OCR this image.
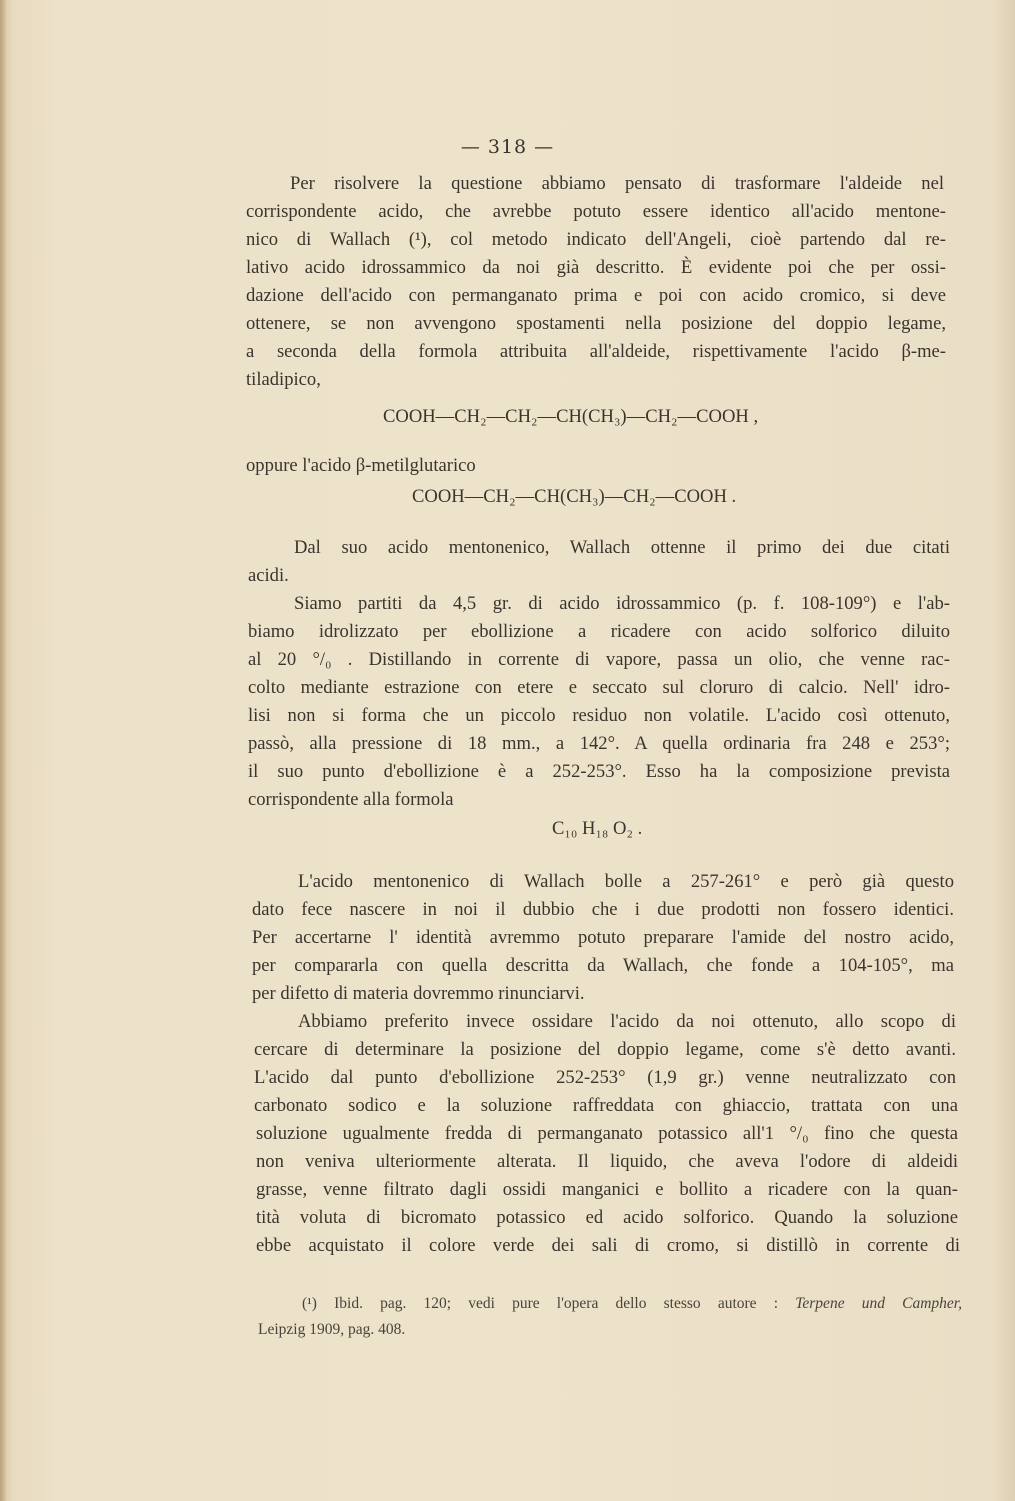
— 318 —
Per risolvere la questione abbiamo pensato di trasformare l'aldeide nel
corrispondente acido, che avrebbe potuto essere identico all'acido mentone-
nico di Wallach (¹), col metodo indicato dell'Angeli, cioè partendo dal re-
lativo acido idrossammico da noi già descritto. È evidente poi che per ossi-
dazione dell'acido con permanganato prima e poi con acido cromico, si deve
ottenere, se non avvengono spostamenti nella posizione del doppio legame,
a seconda della formola attribuita all'aldeide, rispettivamente l'acido β-me-
tiladipico,
COOH—CH₂—CH₂—CH(CH₃)—CH₂—COOH ,
oppure l'acido β-metilglutarico
COOH—CH₂—CH(CH₃)—CH₂—COOH .
Dal suo acido mentonenico, Wallach ottenne il primo dei due citati
acidi.
Siamo partiti da 4,5 gr. di acido idrossammico (p. f. 108-109°) e l'ab-
biamo idrolizzato per ebollizione a ricadere con acido solforico diluito
al 20 °/₀ . Distillando in corrente di vapore, passa un olio, che venne rac-
colto mediante estrazione con etere e seccato sul cloruro di calcio. Nell' idro-
lisi non si forma che un piccolo residuo non volatile. L'acido così ottenuto,
passò, alla pressione di 18 mm., a 142°. A quella ordinaria fra 248 e 253°;
il suo punto d'ebollizione è a 252-253°. Esso ha la composizione prevista
corrispondente alla formola
C₁₀ H₁₈ O₂ .
L'acido mentonenico di Wallach bolle a 257-261° e però già questo
dato fece nascere in noi il dubbio che i due prodotti non fossero identici.
Per accertarne l' identità avremmo potuto preparare l'amide del nostro acido,
per compararla con quella descritta da Wallach, che fonde a 104-105°, ma
per difetto di materia dovremmo rinunciarvi.
Abbiamo preferito invece ossidare l'acido da noi ottenuto, allo scopo di
cercare di determinare la posizione del doppio legame, come s'è detto avanti.
L'acido dal punto d'ebollizione 252-253° (1,9 gr.) venne neutralizzato con
carbonato sodico e la soluzione raffreddata con ghiaccio, trattata con una
soluzione ugualmente fredda di permanganato potassico all'1 °/₀ fino che questa
non veniva ulteriormente alterata. Il liquido, che aveva l'odore di aldeidi
grasse, venne filtrato dagli ossidi manganici e bollito a ricadere con la quan-
tità voluta di bicromato potassico ed acido solforico. Quando la soluzione
ebbe acquistato il colore verde dei sali di cromo, si distillò in corrente di
(¹) Ibid. pag. 120; vedi pure l'opera dello stesso autore : Terpene und Campher,
Leipzig 1909, pag. 408.
